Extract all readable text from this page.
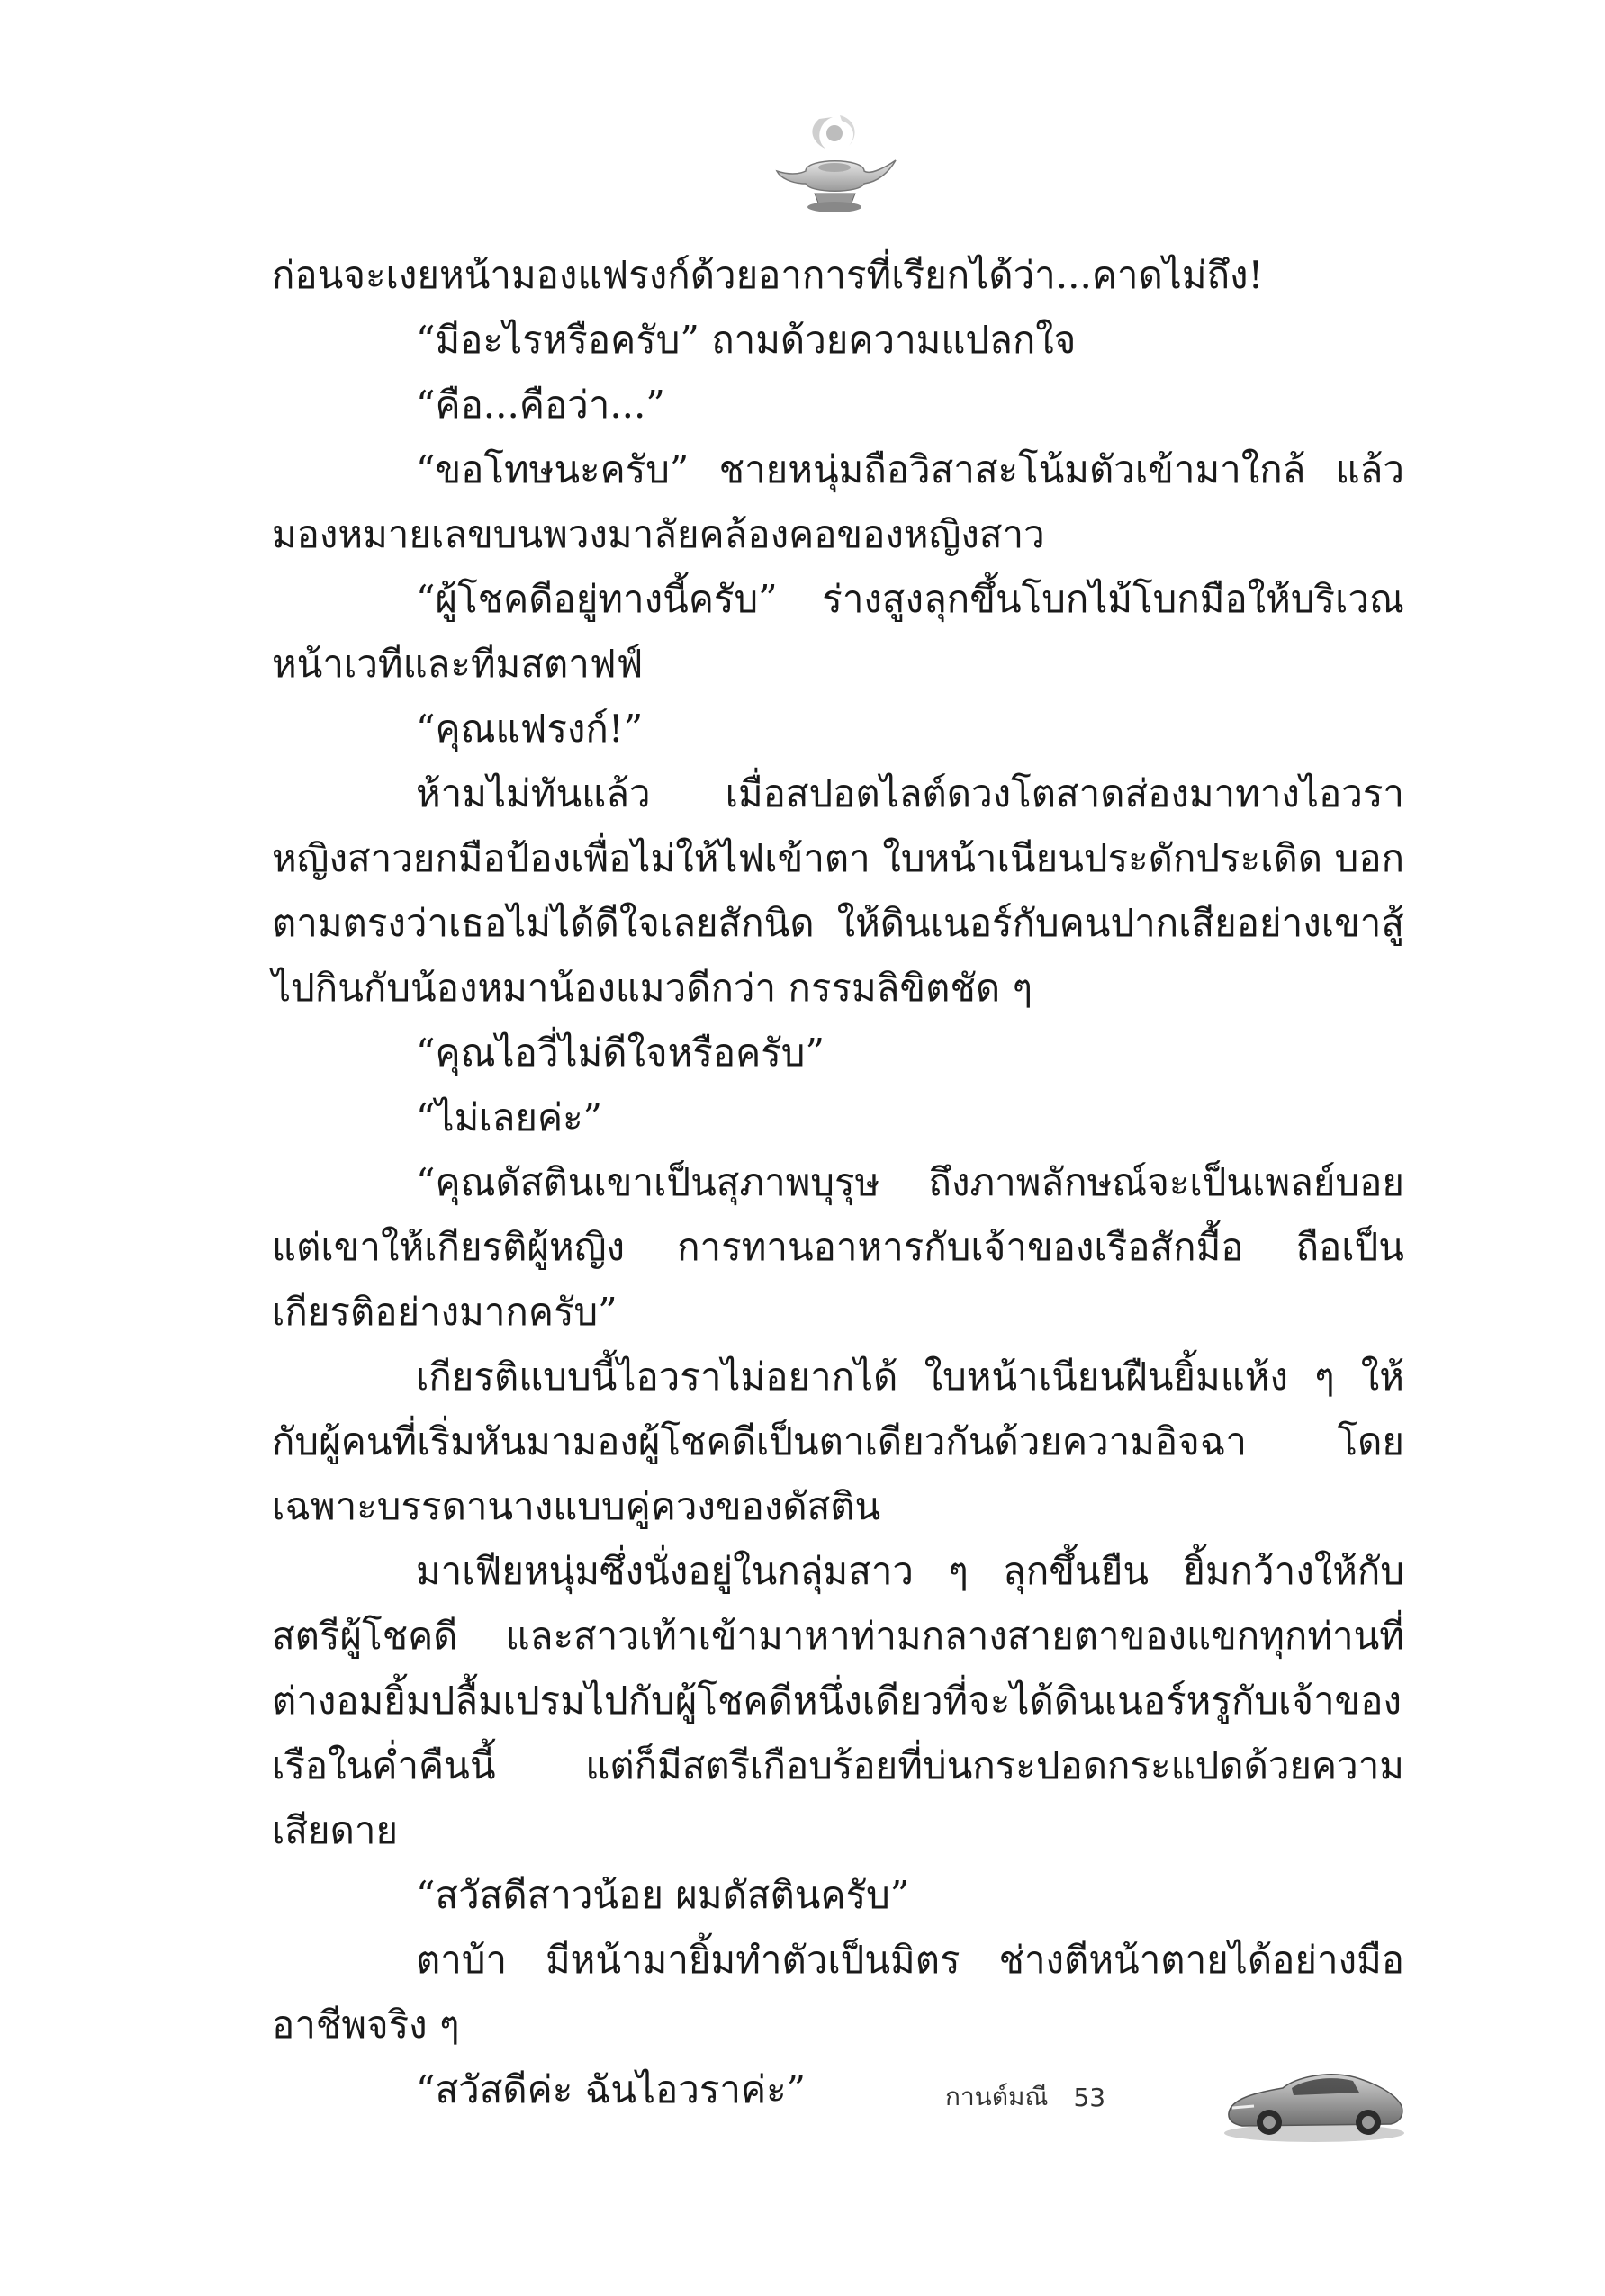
ก่อนจะเงยหน้ามองแฟรงก์ด้วยอาการที่เรียกได้ว่า...คาดไม่ถึง!

“มีอะไรหรือครับ” ถามด้วยความแปลกใจ

“คือ...คือว่า...”

“ขอโทษนะครับ” ชายหนุ่มถือวิสาสะโน้มตัวเข้ามาใกล้ แล้วมองหมายเลขบนพวงมาลัยคล้องคอของหญิงสาว

“ผู้โชคดีอยู่ทางนี้ครับ” ร่างสูงลุกขึ้นโบกไม้โบกมือให้บริเวณหน้าเวทีและทีมสตาฟฟ์

“คุณแฟรงก์!”

ห้ามไม่ทันแล้ว เมื่อสปอตไลต์ดวงโตสาดส่องมาทางไอวราหญิงสาวยกมือป้องเพื่อไม่ให้ไฟเข้าตา ใบหน้าเนียนประดักประเดิด บอกตามตรงว่าเธอไม่ได้ดีใจเลยสักนิด ให้ดินเนอร์กับคนปากเสียอย่างเขาสู้ไปกินกับน้องหมาน้องแมวดีกว่า กรรมลิขิตชัด ๆ

“คุณไอวี่ไม่ดีใจหรือครับ”

“ไม่เลยค่ะ”

“คุณดัสตินเขาเป็นสุภาพบุรุษ ถึงภาพลักษณ์จะเป็นเพลย์บอยแต่เขาให้เกียรติผู้หญิง การทานอาหารกับเจ้าของเรือสักมื้อ ถือเป็นเกียรติอย่างมากครับ”

เกียรติแบบนี้ไอวราไม่อยากได้ ใบหน้าเนียนฝืนยิ้มแห้ง ๆ ให้กับผู้คนที่เริ่มหันมามองผู้โชคดีเป็นตาเดียวกันด้วยความอิจฉา โดยเฉพาะบรรดานางแบบคู่ควงของดัสติน

มาเฟียหนุ่มซึ่งนั่งอยู่ในกลุ่มสาว ๆ ลุกขึ้นยืน ยิ้มกว้างให้กับสตรีผู้โชคดี และสาวเท้าเข้ามาหาท่ามกลางสายตาของแขกทุกท่านที่ต่างอมยิ้มปลื้มเปรมไปกับผู้โชคดีหนึ่งเดียวที่จะได้ดินเนอร์หรูกับเจ้าของเรือในค่ำคืนนี้ แต่ก็มีสตรีเกือบร้อยที่บ่นกระปอดกระแปดด้วยความเสียดาย

“สวัสดีสาวน้อย ผมดัสตินครับ”

ตาบ้า มีหน้ามายิ้มทำตัวเป็นมิตร ช่างตีหน้าตายได้อย่างมืออาชีพจริง ๆ

“สวัสดีค่ะ ฉันไอวราค่ะ”	กานต์มณี 53
